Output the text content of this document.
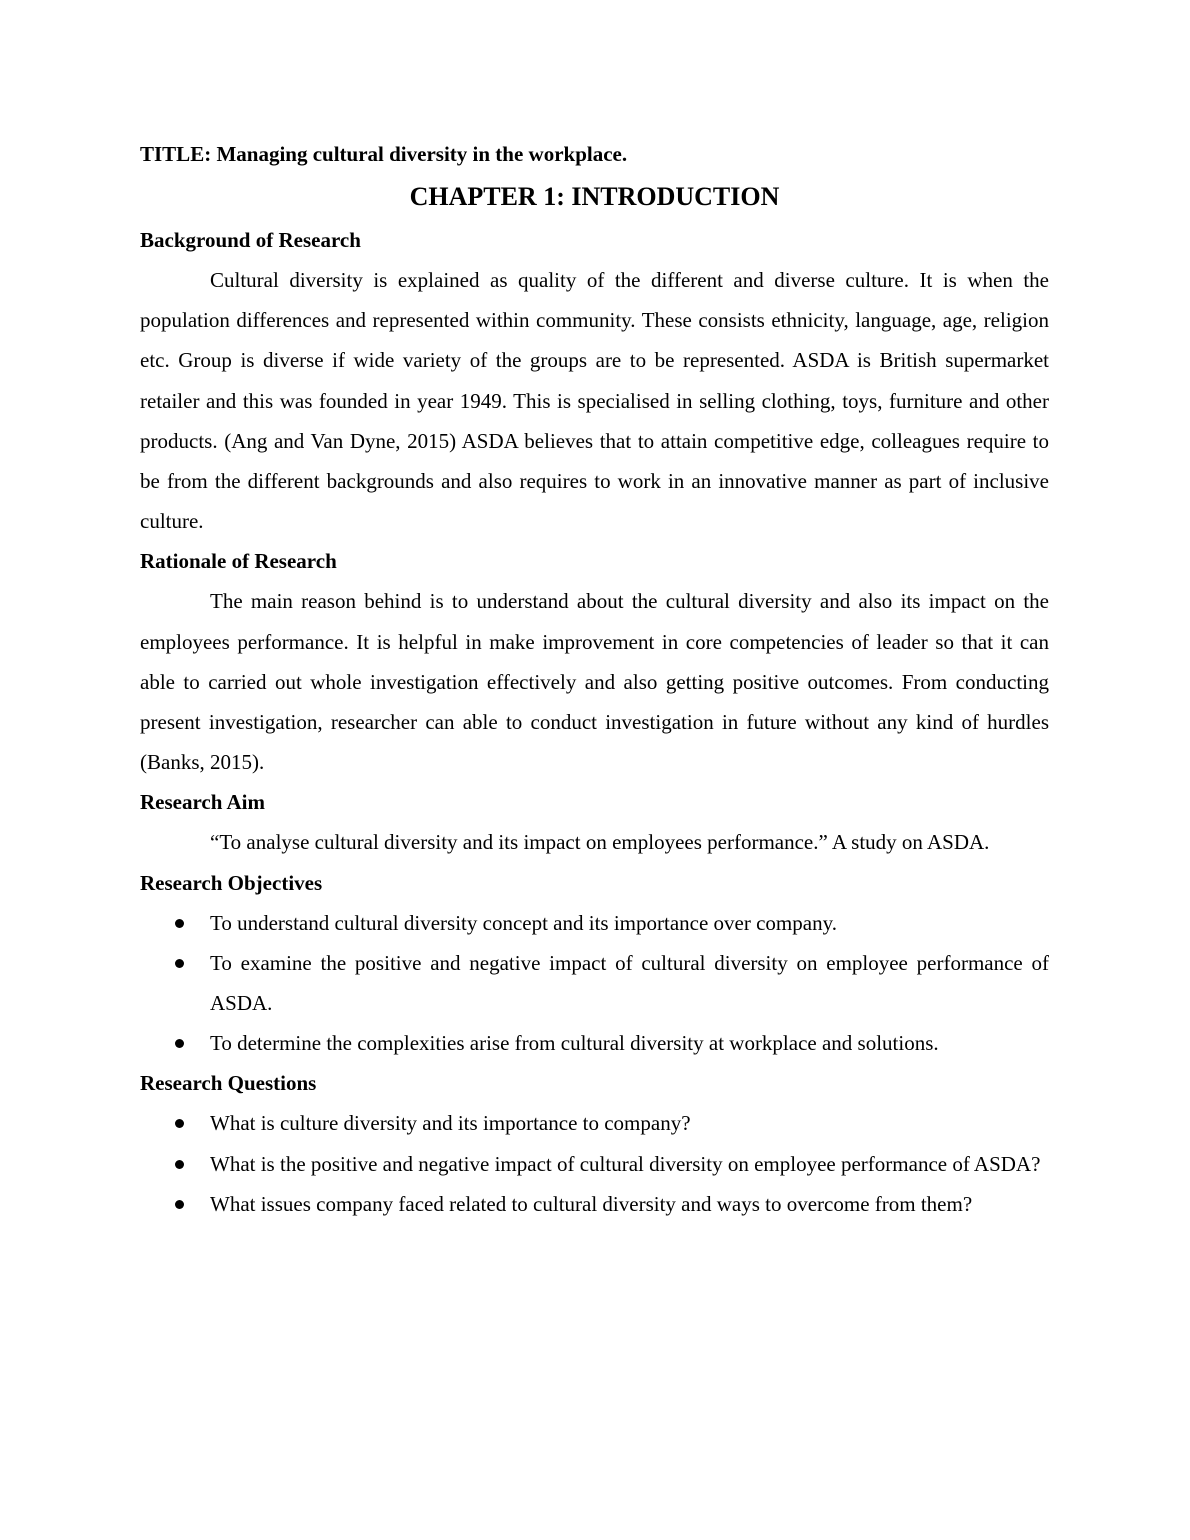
TITLE: Managing cultural diversity in the workplace.

CHAPTER 1: INTRODUCTION

Background of Research

Cultural diversity is explained as quality of the different and diverse culture. It is when the population differences and represented within community. These consists ethnicity, language, age, religion etc. Group is diverse if wide variety of the groups are to be represented. ASDA is British supermarket retailer and this was founded in year 1949. This is specialised in selling clothing, toys, furniture and other products. (Ang and Van Dyne, 2015) ASDA believes that to attain competitive edge, colleagues require to be from the different backgrounds and also requires to work in an innovative manner as part of inclusive culture.

Rationale of Research

The main reason behind is to understand about the cultural diversity and also its impact on the employees performance. It is helpful in make improvement in core competencies of leader so that it can able to carried out whole investigation effectively and also getting positive outcomes. From conducting present investigation, researcher can able to conduct investigation in future without any kind of hurdles (Banks, 2015).

Research Aim

“To analyse cultural diversity and its impact on employees performance.” A study on ASDA.

Research Objectives

To understand cultural diversity concept and its importance over company.
To examine the positive and negative impact of cultural diversity on employee performance of ASDA.
To determine the complexities arise from cultural diversity at workplace and solutions.

Research Questions

What is culture diversity and its importance to company?
What is the positive and negative impact of cultural diversity on employee performance of ASDA?
What issues company faced related to cultural diversity and ways to overcome from them?
